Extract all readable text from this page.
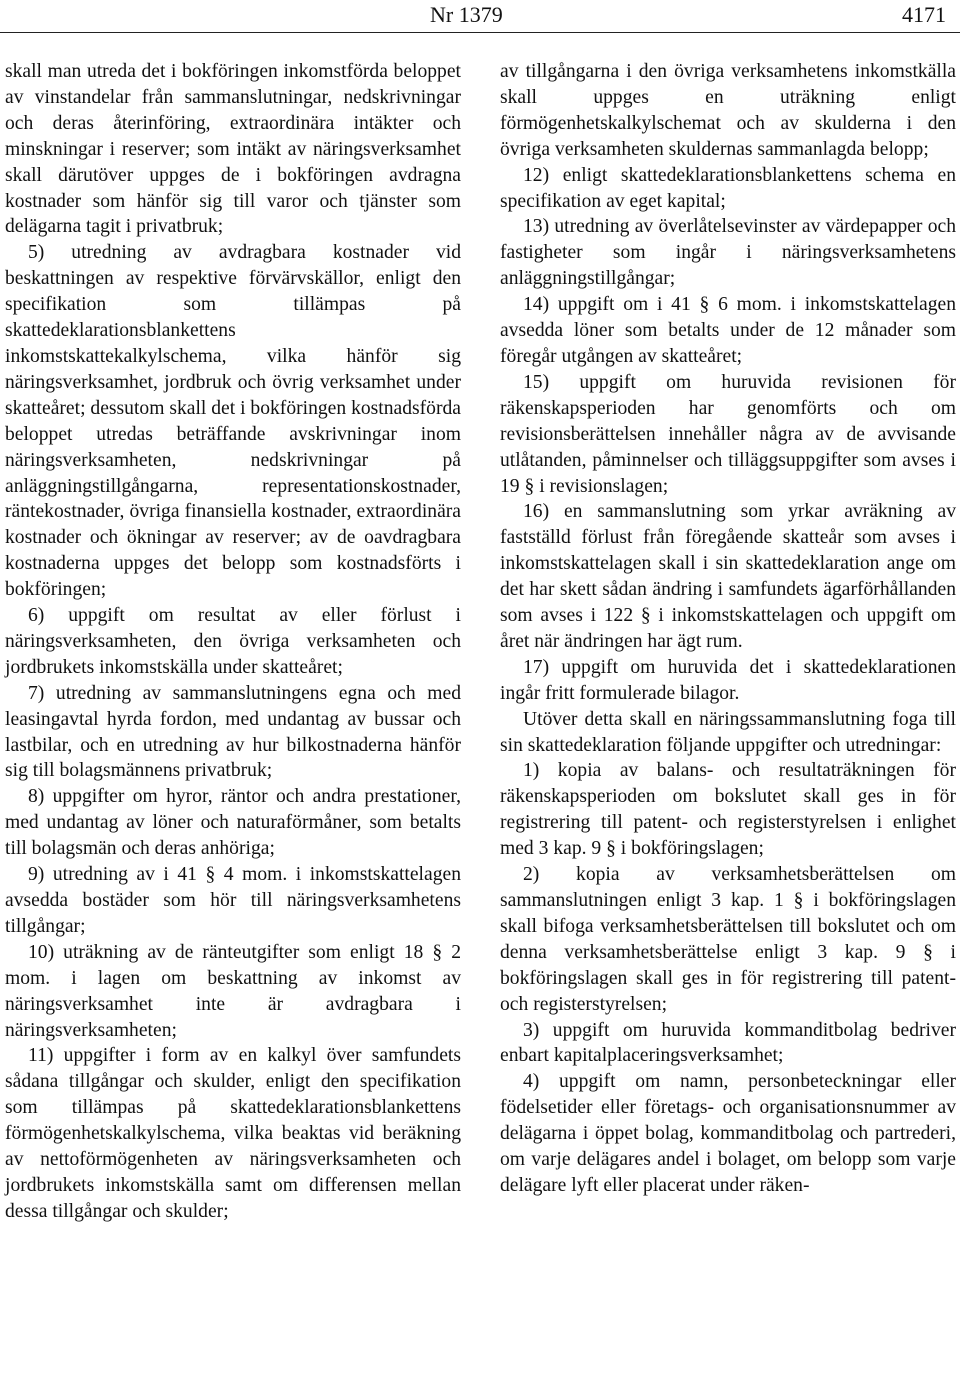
Nr 1379	4171

skall man utreda det i bokföringen inkomstförda beloppet av vinstandelar från sammanslutningar, nedskrivningar och deras återinföring, extraordinära intäkter och minskningar i reserver; som intäkt av näringsverksamhet skall därutöver uppges de i bokföringen avdragna kostnader som hänför sig till varor och tjänster som delägarna tagit i privatbruk;

5) utredning av avdragbara kostnader vid beskattningen av respektive förvärvskällor, enligt den specifikation som tillämpas på skattedeklarationsblankettens inkomstskattekalkylschema, vilka hänför sig näringsverksamhet, jordbruk och övrig verksamhet under skatteåret; dessutom skall det i bokföringen kostnadsförda beloppet utredas beträffande avskrivningar inom näringsverksamheten, nedskrivningar på anläggningstillgångarna, representationskostnader, räntekostnader, övriga finansiella kostnader, extraordinära kostnader och ökningar av reserver; av de oavdragbara kostnaderna uppges det belopp som kostnadsförts i bokföringen;

6) uppgift om resultat av eller förlust i näringsverksamheten, den övriga verksamheten och jordbrukets inkomstskälla under skatteåret;

7) utredning av sammanslutningens egna och med leasingavtal hyrda fordon, med undantag av bussar och lastbilar, och en utredning av hur bilkostnaderna hänför sig till bolagsmännens privatbruk;

8) uppgifter om hyror, räntor och andra prestationer, med undantag av löner och naturaförmåner, som betalts till bolagsmän och deras anhöriga;

9) utredning av i 41 § 4 mom. i inkomstskattelagen avsedda bostäder som hör till näringsverksamhetens tillgångar;

10) uträkning av de ränteutgifter som enligt 18 § 2 mom. i lagen om beskattning av inkomst av näringsverksamhet inte är avdragbara i näringsverksamheten;

11) uppgifter i form av en kalkyl över samfundets sådana tillgångar och skulder, enligt den specifikation som tillämpas på skattedeklarationsblankettens förmögenhetskalkylschema, vilka beaktas vid beräkning av nettoförmögenheten av näringsverksamheten och jordbrukets inkomstskälla samt om differensen mellan dessa tillgångar och skulder;

av tillgångarna i den övriga verksamhetens inkomstkälla skall uppges en uträkning enligt förmögenhetskalkylschemat och av skulderna i den övriga verksamheten skuldernas sammanlagda belopp;

12) enligt skattedeklarationsblankettens schema en specifikation av eget kapital;

13) utredning av överlåtelsevinster av värdepapper och fastigheter som ingår i näringsverksamhetens anläggningstillgångar;

14) uppgift om i 41 § 6 mom. i inkomstskattelagen avsedda löner som betalts under de 12 månader som föregår utgången av skatteåret;

15) uppgift om huruvida revisionen för räkenskapsperioden har genomförts och om revisionsberättelsen innehåller några av de avvisande utlåtanden, påminnelser och tilläggsuppgifter som avses i 19 § i revisionslagen;

16) en sammanslutning som yrkar avräkning av fastställd förlust från föregående skatteår som avses i inkomstskattelagen skall i sin skattedeklaration ange om det har skett sådan ändring i samfundets ägarförhållanden som avses i 122 § i inkomstskattelagen och uppgift om året när ändringen har ägt rum.

17) uppgift om huruvida det i skattedeklarationen ingår fritt formulerade bilagor.

Utöver detta skall en näringssammanslutning foga till sin skattedeklaration följande uppgifter och utredningar:

1) kopia av balans- och resultaträkningen för räkenskapsperioden om bokslutet skall ges in för registrering till patent- och registerstyrelsen i enlighet med 3 kap. 9 § i bokföringslagen;

2) kopia av verksamhetsberättelsen om sammanslutningen enligt 3 kap. 1 § i bokföringslagen skall bifoga verksamhetsberättelsen till bokslutet och om denna verksamhetsberättelse enligt 3 kap. 9 § i bokföringslagen skall ges in för registrering till patent- och registerstyrelsen;

3) uppgift om huruvida kommanditbolag bedriver enbart kapitalplaceringsverksamhet;

4) uppgift om namn, personbeteckningar eller födelsetider eller företags- och organisationsnummer av delägarna i öppet bolag, kommanditbolag och partrederi, om varje delägares andel i bolaget, om belopp som varje delägare lyft eller placerat under räken-
